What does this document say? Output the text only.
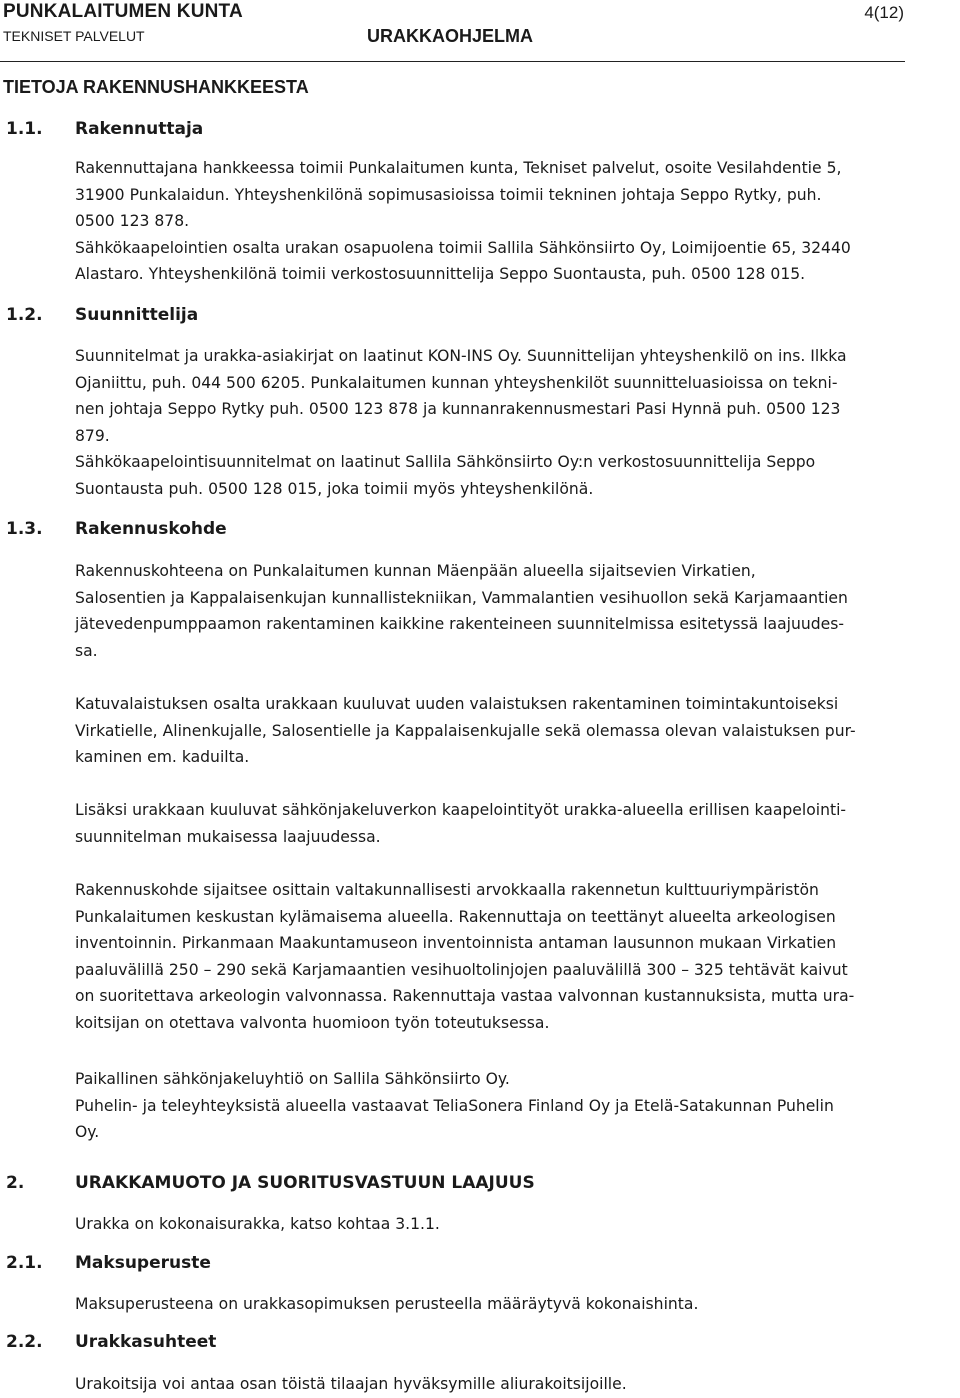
PUNKALAITUMEN KUNTA	4(12)
TEKNISET PALVELUT	URAKKAOHJELMA
TIETOJA RAKENNUSHANKKEESTA
1.1. Rakennuttaja
Rakennuttajana hankkeessa toimii Punkalaitumen kunta, Tekniset palvelut, osoite Vesilahdentie 5,
31900 Punkalaidun. Yhteyshenkilönä sopimusasioissa toimii tekninen johtaja Seppo Rytky, puh.
0500 123 878.
Sähkökaapelointien osalta urakan osapuolena toimii Sallila Sähkönsiirto Oy, Loimijoentie 65, 32440
Alastaro. Yhteyshenkilönä toimii verkostosuunnittelija Seppo Suontausta, puh. 0500 128 015.
1.2. Suunnittelija
Suunnitelmat ja urakka-asiakirjat on laatinut KON-INS Oy. Suunnittelijan yhteyshenkilö on ins. Ilkka
Ojaniittu, puh. 044 500 6205. Punkalaitumen kunnan yhteyshenkilöt suunnitteluasioissa on tekni-
nen johtaja Seppo Rytky puh. 0500 123 878 ja kunnanrakennusmestari Pasi Hynnä puh. 0500 123
879.
Sähkökaapelointisuunnitelmat on laatinut Sallila Sähkönsiirto Oy:n verkostosuunnittelija Seppo
Suontausta puh. 0500 128 015, joka toimii myös yhteyshenkilönä.
1.3. Rakennuskohde
Rakennuskohteena on Punkalaitumen kunnan Mäenpään alueella sijaitsevien Virkatien,
Salosentien ja Kappalaisenkujan kunnallistekniikan, Vammalantien vesihuollon sekä Karjamaantien
jätevedenpumppaamon rakentaminen kaikkine rakenteineen suunnitelmissa esitetyssä laajuudes-
sa.
Katuvalaistuksen osalta urakkaan kuuluvat uuden valaistuksen rakentaminen toimintakuntoiseksi
Virkatielle, Alinenkujalle, Salosentielle ja Kappalaisenkujalle sekä olemassa olevan valaistuksen pur-
kaminen em. kaduilta.
Lisäksi urakkaan kuuluvat sähkönjakeluverkon kaapelointityöt urakka-alueella erillisen kaapelointi-
suunnitelman mukaisessa laajuudessa.
Rakennuskohde sijaitsee osittain valtakunnallisesti arvokkaalla rakennetun kulttuuriympäristön
Punkalaitumen keskustan kylämaisema alueella. Rakennuttaja on teettänyt alueelta arkeologisen
inventoinnin. Pirkanmaan Maakuntamuseon inventoinnista antaman lausunnon mukaan Virkatien
paaluvälillä 250 – 290 sekä Karjamaantien vesihuoltolinjojen paaluvälillä 300 – 325 tehtävät kaivut
on suoritettava arkeologin valvonnassa. Rakennuttaja vastaa valvonnan kustannuksista, mutta ura-
koitsijan on otettava valvonta huomioon työn toteutuksessa.
Paikallinen sähkönjakeluyhtiö on Sallila Sähkönsiirto Oy.
Puhelin- ja teleyhteyksistä alueella vastaavat TeliaSonera Finland Oy ja Etelä-Satakunnan Puhelin
Oy.
2.	URAKKAMUOTO JA SUORITUSVASTUUN LAAJUUS
Urakka on kokonaisurakka, katso kohtaa 3.1.1.
2.1. Maksuperuste
Maksuperusteena on urakkasopimuksen perusteella määräytyvä kokonaishinta.
2.2. Urakkasuhteet
Urakoitsija voi antaa osan töistä tilaajan hyväksymille aliurakoitsijoille.
